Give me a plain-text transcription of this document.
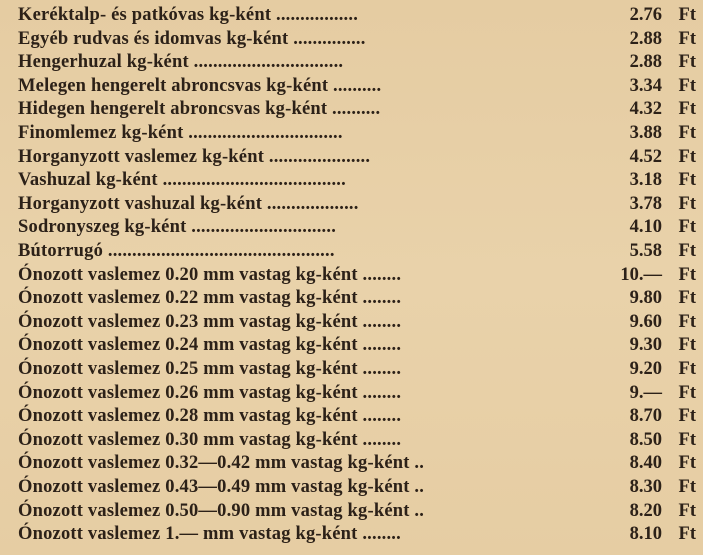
Keréktalp- és patkóvas kg-ként .................	2.76 Ft
Egyéb rudvas és idomvas kg-ként ...............	2.88 Ft
Hengerhuzal kg-ként ...............................	2.88 Ft
Melegen hengerelt abroncsvas kg-ként ..........	3.34 Ft
Hidegen hengerelt abroncsvas kg-ként ..........	4.32 Ft
Finomlemez kg-ként ................................	3.88 Ft
Horganyzott vaslemez kg-ként .....................	4.52 Ft
Vashuzal kg-ként ......................................	3.18 Ft
Horganyzott vashuzal kg-ként ...................	3.78 Ft
Sodronyszeg kg-ként ..............................	4.10 Ft
Bútorrugó ...............................................	5.58 Ft
Ónozott vaslemez 0.20 mm vastag kg-ként ........	10.— Ft
Ónozott vaslemez 0.22 mm vastag kg-ként ........	9.80 Ft
Ónozott vaslemez 0.23 mm vastag kg-ként ........	9.60 Ft
Ónozott vaslemez 0.24 mm vastag kg-ként ........	9.30 Ft
Ónozott vaslemez 0.25 mm vastag kg-ként ........	9.20 Ft
Ónozott vaslemez 0.26 mm vastag kg-ként ........	9.— Ft
Ónozott vaslemez 0.28 mm vastag kg-ként ........	8.70 Ft
Ónozott vaslemez 0.30 mm vastag kg-ként ........	8.50 Ft
Ónozott vaslemez 0.32—0.42 mm vastag kg-ként ..	8.40 Ft
Ónozott vaslemez 0.43—0.49 mm vastag kg-ként ..	8.30 Ft
Ónozott vaslemez 0.50—0.90 mm vastag kg-ként ..	8.20 Ft
Ónozott vaslemez 1.— mm vastag kg-ként ........	8.10 Ft
